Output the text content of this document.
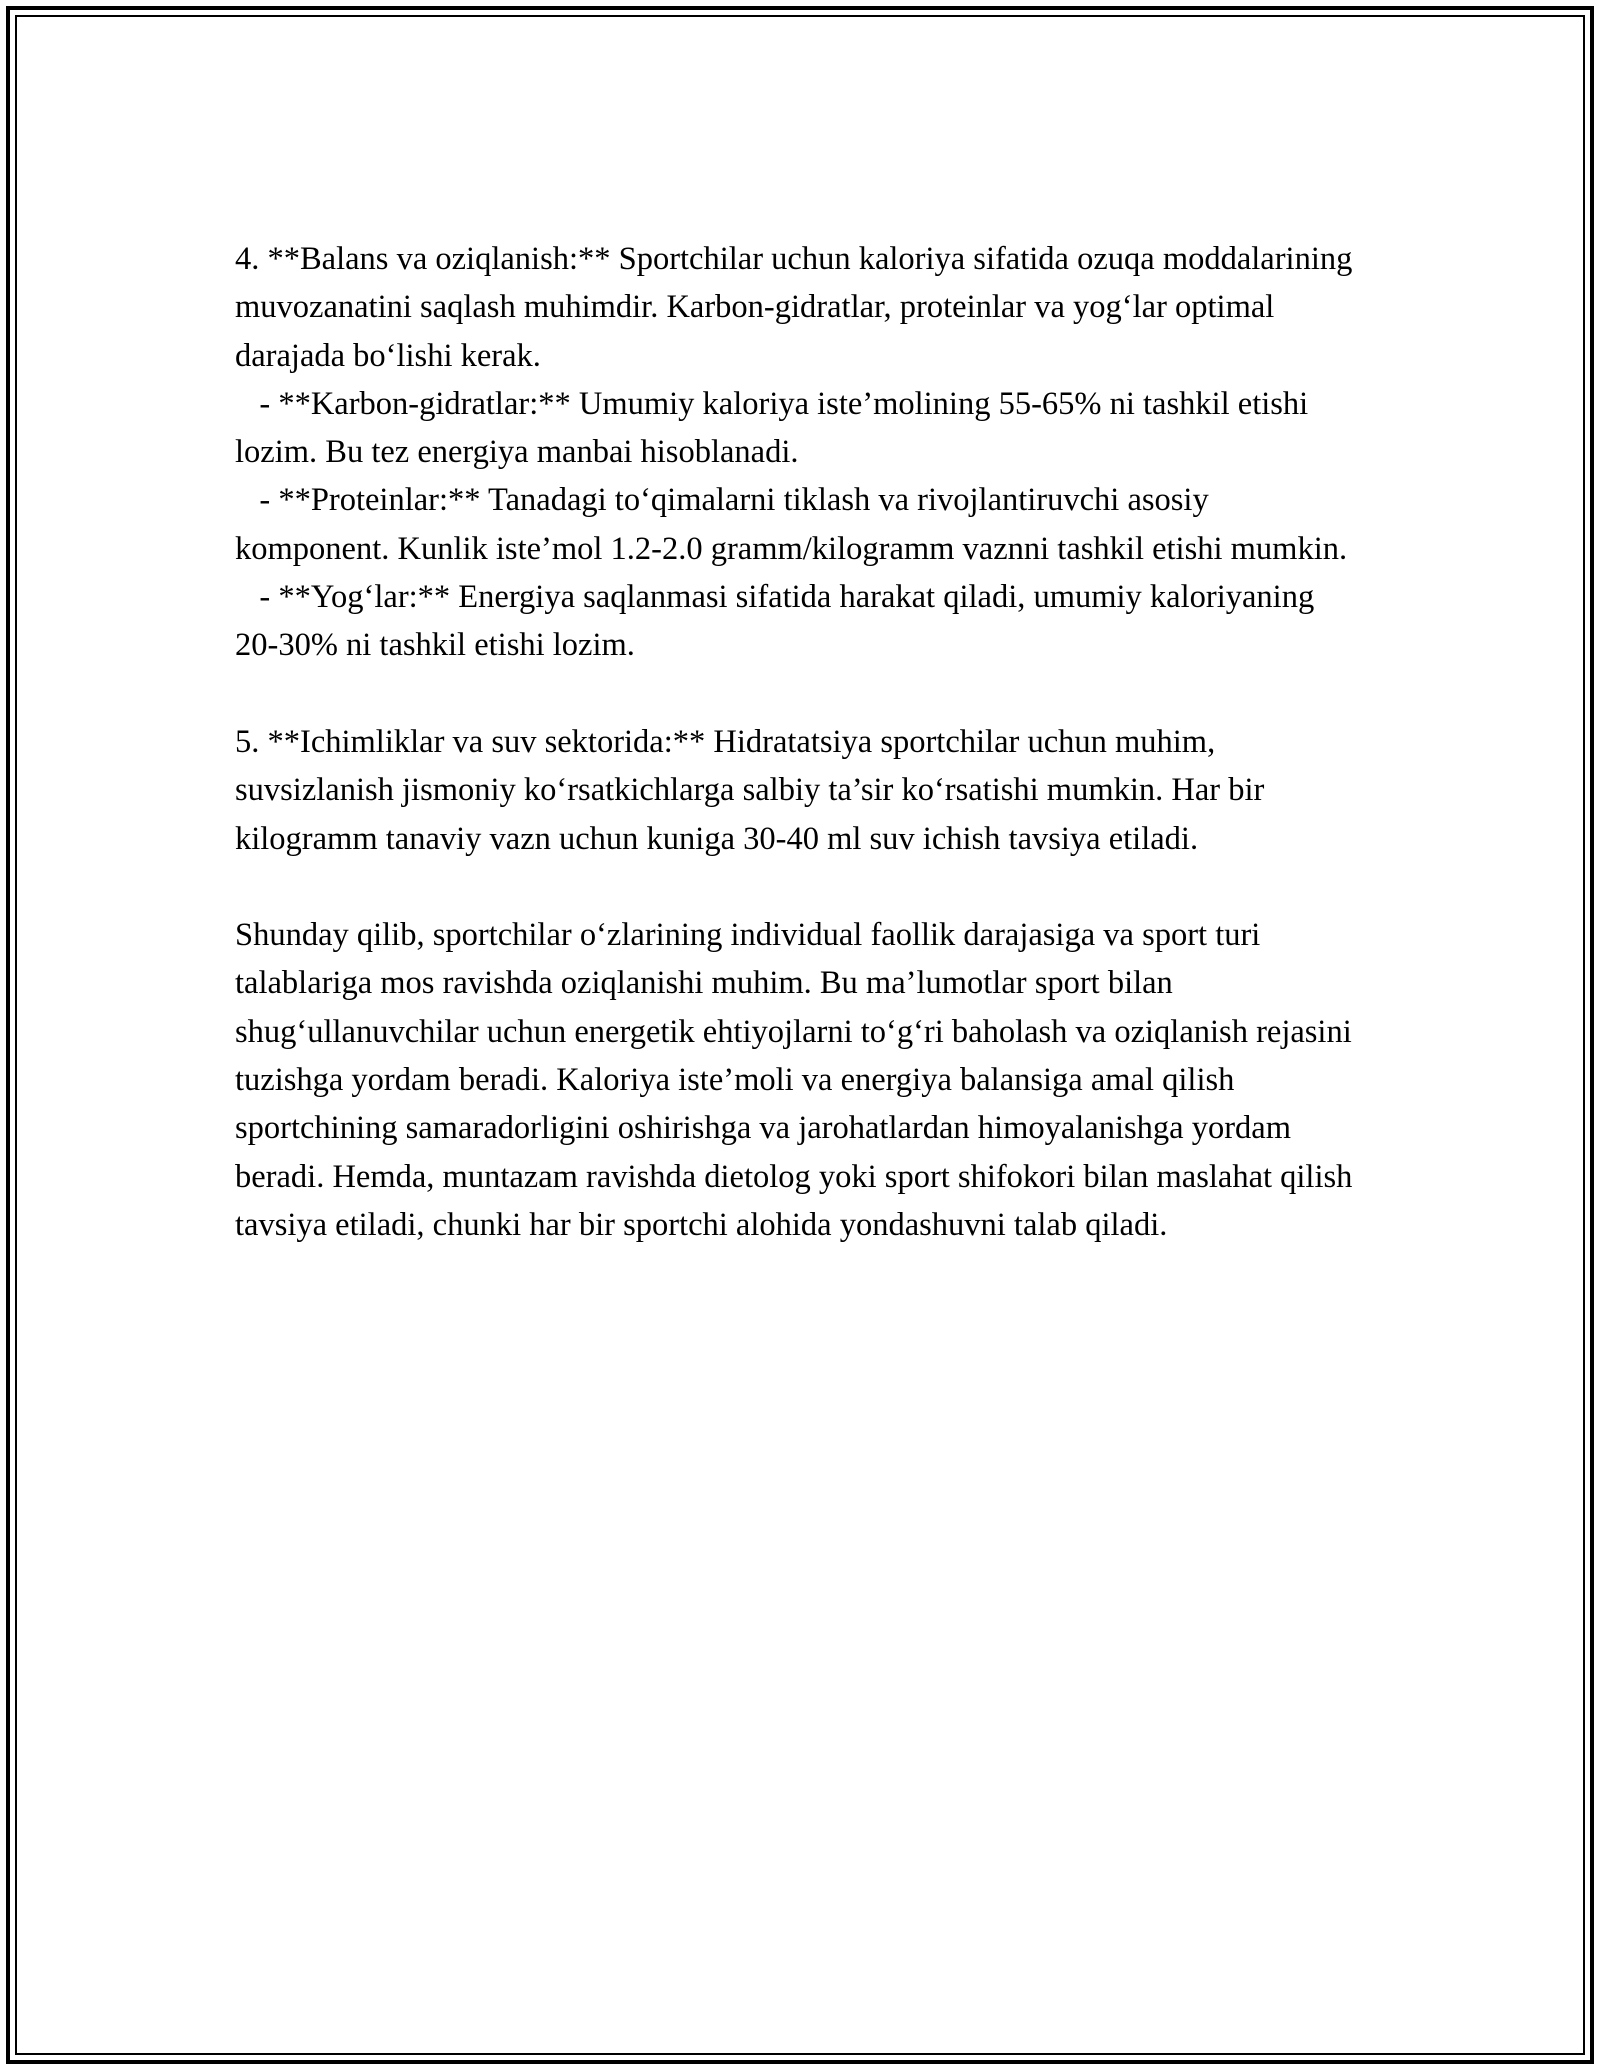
4. **Balans va oziqlanish:** Sportchilar uchun kaloriya sifatida ozuqa moddalarining muvozanatini saqlash muhimdir. Karbon-gidratlar, proteinlar va yog‘lar optimal darajada bo‘lishi kerak.

- **Karbon-gidratlar:** Umumiy kaloriya iste’molining 55-65% ni tashkil etishi lozim. Bu tez energiya manbai hisoblanadi.

- **Proteinlar:** Tanadagi to‘qimalarni tiklash va rivojlantiruvchi asosiy komponent. Kunlik iste’mol 1.2-2.0 gramm/kilogramm vaznni tashkil etishi mumkin.

- **Yog‘lar:** Energiya saqlanmasi sifatida harakat qiladi, umumiy kaloriyaning 20-30% ni tashkil etishi lozim.

5. **Ichimliklar va suv sektorida:** Hidratatsiya sportchilar uchun muhim, suvsizlanish jismoniy ko‘rsatkichlarga salbiy ta’sir ko‘rsatishi mumkin. Har bir kilogramm tanaviy vazn uchun kuniga 30-40 ml suv ichish tavsiya etiladi.

Shunday qilib, sportchilar o‘zlarining individual faollik darajasiga va sport turi talablariga mos ravishda oziqlanishi muhim. Bu ma’lumotlar sport bilan shug‘ullanuvchilar uchun energetik ehtiyojlarni to‘g‘ri baholash va oziqlanish rejasini tuzishga yordam beradi. Kaloriya iste’moli va energiya balansiga amal qilish sportchining samaradorligini oshirishga va jarohatlardan himoyalanishga yordam beradi. Hemda, muntazam ravishda dietolog yoki sport shifokori bilan maslahat qilish tavsiya etiladi, chunki har bir sportchi alohida yondashuvni talab qiladi.
